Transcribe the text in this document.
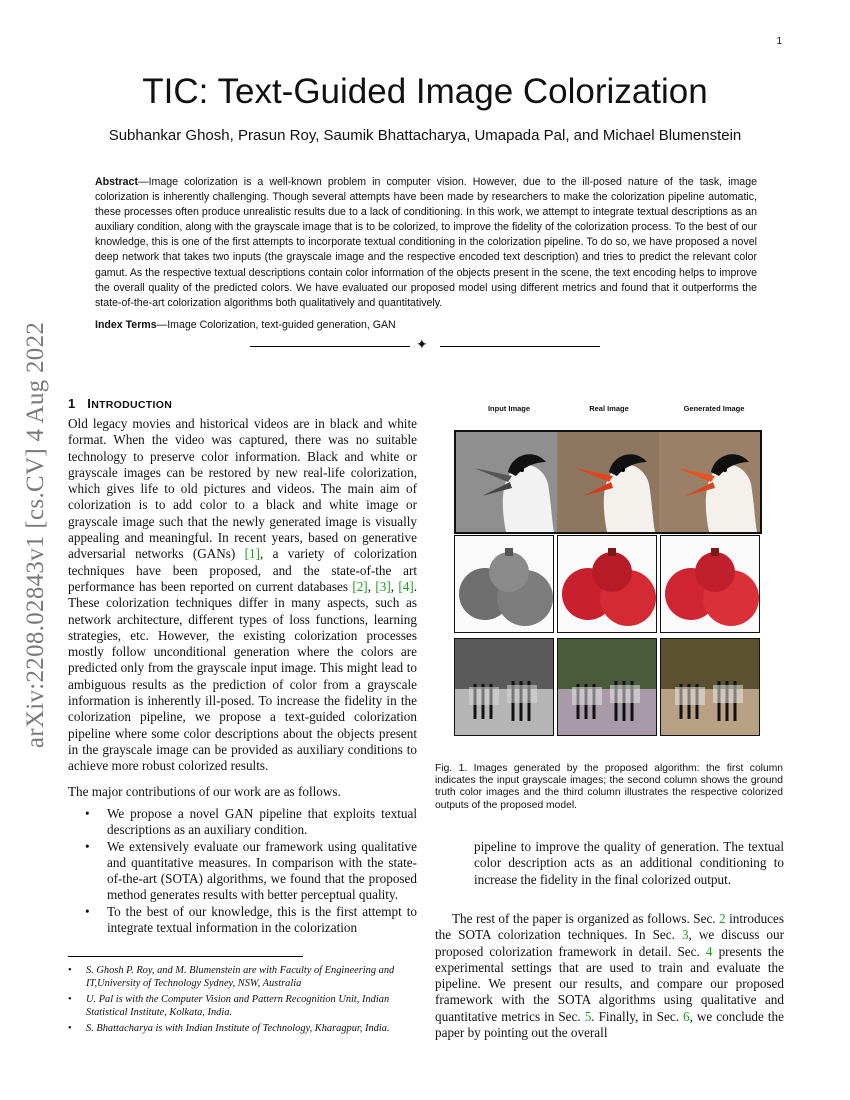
1
arXiv:2208.02843v1 [cs.CV] 4 Aug 2022
TIC: Text-Guided Image Colorization
Subhankar Ghosh, Prasun Roy, Saumik Bhattacharya, Umapada Pal, and Michael Blumenstein
Abstract—Image colorization is a well-known problem in computer vision. However, due to the ill-posed nature of the task, image colorization is inherently challenging. Though several attempts have been made by researchers to make the colorization pipeline automatic, these processes often produce unrealistic results due to a lack of conditioning. In this work, we attempt to integrate textual descriptions as an auxiliary condition, along with the grayscale image that is to be colorized, to improve the fidelity of the colorization process. To the best of our knowledge, this is one of the first attempts to incorporate textual conditioning in the colorization pipeline. To do so, we have proposed a novel deep network that takes two inputs (the grayscale image and the respective encoded text description) and tries to predict the relevant color gamut. As the respective textual descriptions contain color information of the objects present in the scene, the text encoding helps to improve the overall quality of the predicted colors. We have evaluated our proposed model using different metrics and found that it outperforms the state-of-the-art colorization algorithms both qualitatively and quantitatively.
Index Terms—Image Colorization, text-guided generation, GAN
✦
1 INTRODUCTION
Old legacy movies and historical videos are in black and white format. When the video was captured, there was no suitable technology to preserve color information. Black and white or grayscale images can be restored by new real-life colorization, which gives life to old pictures and videos. The main aim of colorization is to add color to a black and white image or grayscale image such that the newly generated image is visually appealing and meaningful. In recent years, based on generative adversarial networks (GANs) [1], a variety of colorization techniques have been proposed, and the state-of-the art performance has been reported on current databases [2], [3], [4]. These colorization techniques differ in many aspects, such as network architecture, different types of loss functions, learning strategies, etc. However, the existing colorization processes mostly follow unconditional generation where the colors are predicted only from the grayscale input image. This might lead to ambiguous results as the prediction of color from a grayscale information is inherently ill-posed. To increase the fidelity in the colorization pipeline, we propose a text-guided colorization pipeline where some color descriptions about the objects present in the grayscale image can be provided as auxiliary conditions to achieve more robust colorized results.
The major contributions of our work are as follows.
• We propose a novel GAN pipeline that exploits textual descriptions as an auxiliary condition.
• We extensively evaluate our framework using qualitative and quantitative measures. In comparison with the state-of-the-art (SOTA) algorithms, we found that the proposed method generates results with better perceptual quality.
• To the best of our knowledge, this is the first attempt to integrate textual information in the colorization
• S. Ghosh P. Roy, and M. Blumenstein are with Faculty of Engineering and IT,University of Technology Sydney, NSW, Australia
• U. Pal is with the Computer Vision and Pattern Recognition Unit, Indian Statistical Institute, Kolkata, India.
• S. Bhattacharya is with Indian Institute of Technology, Kharagpur, India.
Input Image	Real Image	Generated Image
Fig. 1. Images generated by the proposed algorithm: the first column indicates the input grayscale images; the second column shows the ground truth color images and the third column illustrates the respective colorized outputs of the proposed model.
pipeline to improve the quality of generation. The textual color description acts as an additional conditioning to increase the fidelity in the final colorized output.
The rest of the paper is organized as follows. Sec. 2 introduces the SOTA colorization techniques. In Sec. 3, we discuss our proposed colorization framework in detail. Sec. 4 presents the experimental settings that are used to train and evaluate the pipeline. We present our results, and compare our proposed framework with the SOTA algorithms using qualitative and quantitative metrics in Sec. 5. Finally, in Sec. 6, we conclude the paper by pointing out the overall
